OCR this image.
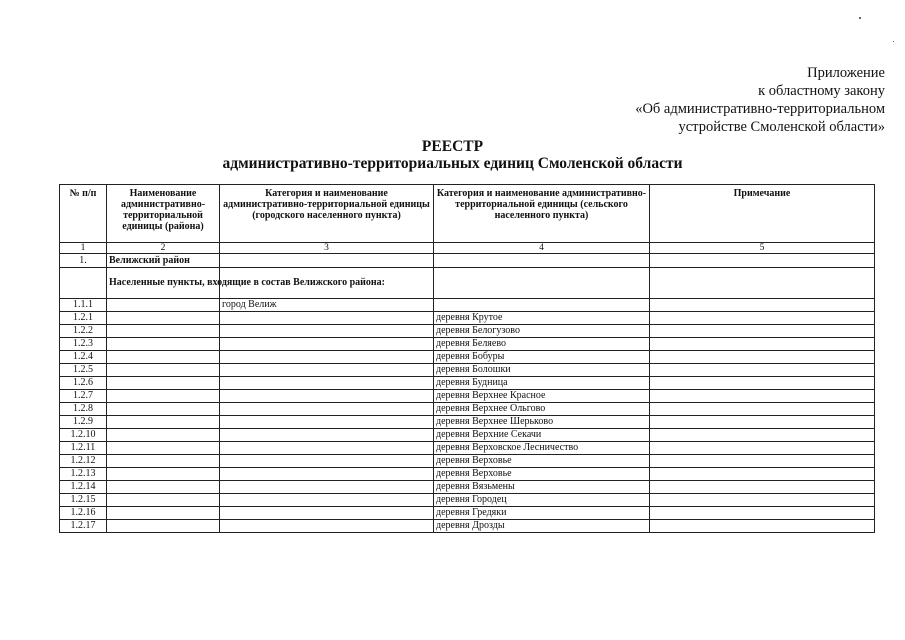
Приложение
к областному закону
«Об административно-территориальном
устройстве Смоленской области»
РЕЕСТР
административно-территориальных единиц Смоленской области
№ п/п	Наименование административно-территориальной единицы (района)	Категория и наименование административно-территориальной единицы (городского населенного пункта)	Категория и наименование административно-территориальной единицы (сельского населенного пункта)	Примечание
1	2	3	4	5
1.	Велижский район			
	Населенные пункты, входящие в состав Велижского района:			
1.1.1		город Велиж		
1.2.1			деревня Крутое	
1.2.2			деревня Белогузово	
1.2.3			деревня Беляево	
1.2.4			деревня Бобуры	
1.2.5			деревня Болошки	
1.2.6			деревня Будница	
1.2.7			деревня Верхнее Красное	
1.2.8			деревня Верхнее Ольгово	
1.2.9			деревня Верхнее Шерьково	
1.2.10			деревня Верхние Секачи	
1.2.11			деревня Верховское Лесничество	
1.2.12			деревня Верховье	
1.2.13			деревня Верховье	
1.2.14			деревня Вязьмены	
1.2.15			деревня Городец	
1.2.16			деревня Гредяки	
1.2.17			деревня Дрозды	
